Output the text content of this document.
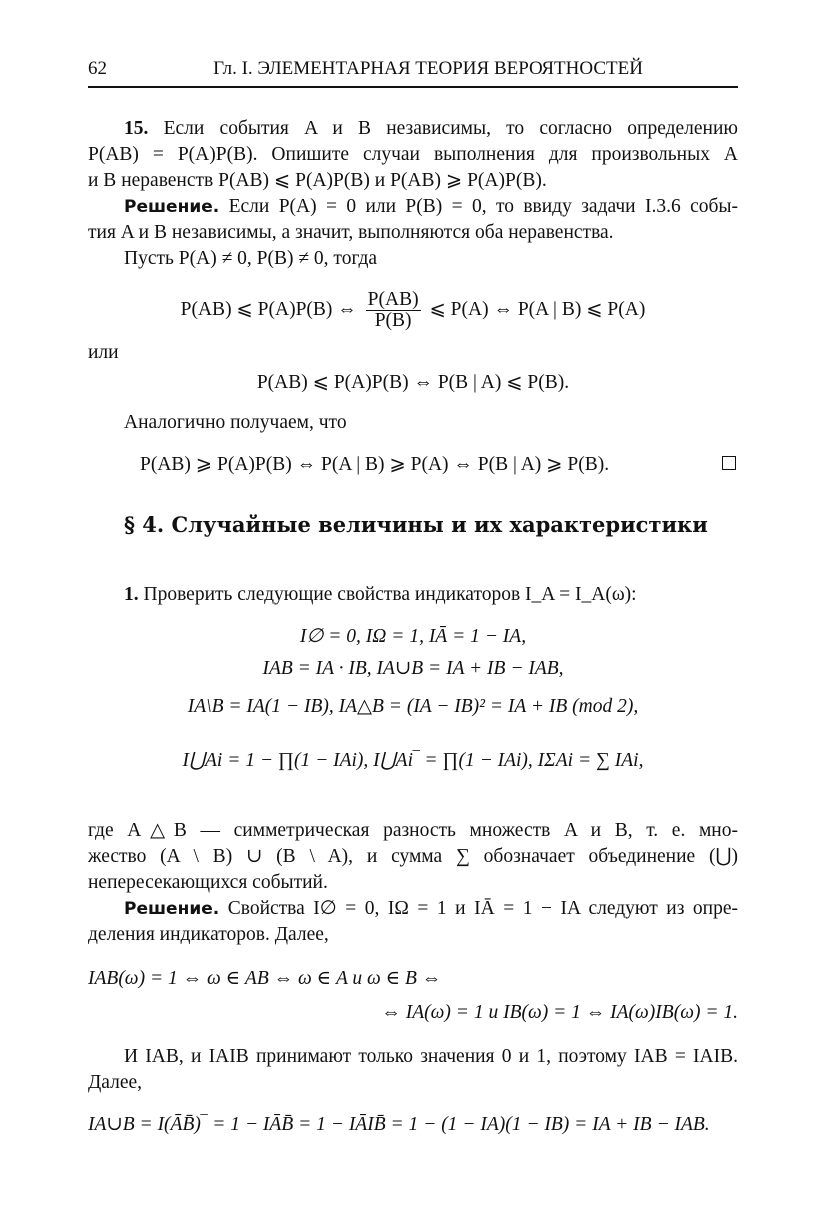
62	Гл. I. ЭЛЕМЕНТАРНАЯ ТЕОРИЯ ВЕРОЯТНОСТЕЙ
15. Если события A и B независимы, то согласно определению
P(AB) = P(A)P(B). Опишите случаи выполнения для произвольных A
и B неравенств P(AB) ⩽ P(A)P(B) и P(AB) ⩾ P(A)P(B).
Решение. Если P(A) = 0 или P(B) = 0, то ввиду задачи I.3.6 собы-
тия A и B независимы, а значит, выполняются оба неравенства.
Пусть P(A) ≠ 0, P(B) ≠ 0, тогда
P(AB) ⩽ P(A)P(B) ⇔ $\frac{P(AB)}{P(B)}$ ⩽ P(A) ⇔ P(A | B) ⩽ P(A)
или
P(AB) ⩽ P(A)P(B) ⇔ P(B | A) ⩽ P(B).
Аналогично получаем, что
P(AB) ⩾ P(A)P(B) ⇔ P(A | B) ⩾ P(A) ⇔ P(B | A) ⩾ P(B).
§ 4. Случайные величины и их характеристики
1. Проверить следующие свойства индикаторов I_A = I_A(ω):
I∅ = 0, IΩ = 1, IĀ = 1 − IA,
IAB = IA · IB, IA∪B = IA + IB − IAB,
IA\B = IA(1 − IB), IA△B = (IA − IB)² = IA + IB (mod 2),
I⋃Ai = 1 − ∏(1 − IAi), I⋃Ai‾ = ∏(1 − IAi), IΣAi = ∑ IAi,
где A△B — симметрическая разность множеств A и B, т. е. мно-
жество (A \ B) ∪ (B \ A), и сумма ∑ обозначает объединение (⋃)
непересекающихся событий.
Решение. Свойства I∅ = 0, IΩ = 1 и IĀ = 1 − IA следуют из опре-
деления индикаторов. Далее,
IAB(ω) = 1 ⇔ ω ∈ AB ⇔ ω ∈ A и ω ∈ B ⇔
⇔ IA(ω) = 1 и IB(ω) = 1 ⇔ IA(ω)IB(ω) = 1.
И IAB, и IAIB принимают только значения 0 и 1, поэтому IAB = IAIB.
Далее,
IA∪B = I(ĀB̄)‾ = 1 − IĀB̄ = 1 − IĀIB̄ = 1 − (1 − IA)(1 − IB) = IA + IB − IAB.
